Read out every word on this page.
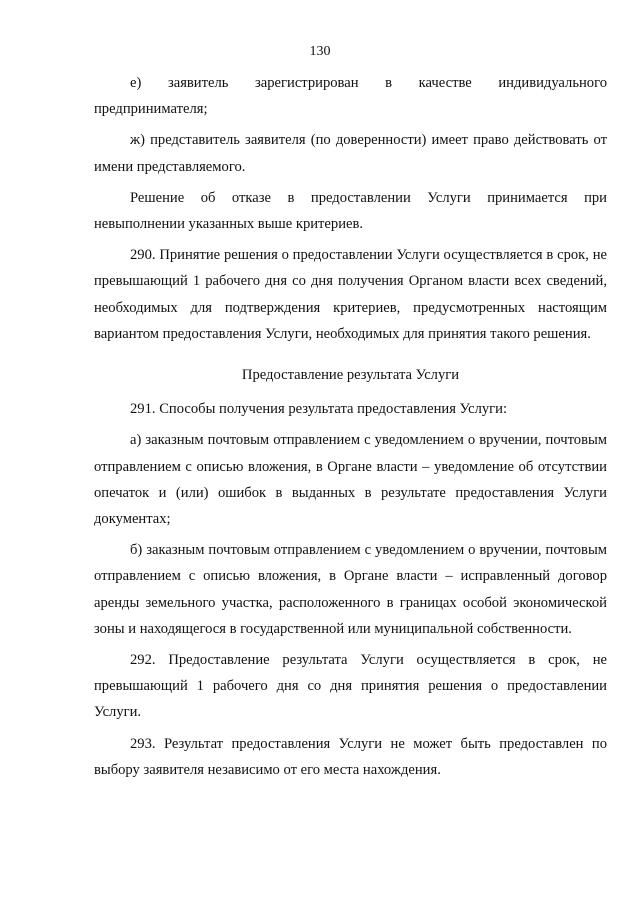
130

е) заявитель зарегистрирован в качестве индивидуального предпринимателя;

ж) представитель заявителя (по доверенности) имеет право действовать от имени представляемого.

Решение об отказе в предоставлении Услуги принимается при невыполнении указанных выше критериев.

290. Принятие решения о предоставлении Услуги осуществляется в срок, не превышающий 1 рабочего дня со дня получения Органом власти всех сведений, необходимых для подтверждения критериев, предусмотренных настоящим вариантом предоставления Услуги, необходимых для принятия такого решения.

Предоставление результата Услуги

291. Способы получения результата предоставления Услуги:

а) заказным почтовым отправлением с уведомлением о вручении, почтовым отправлением с описью вложения, в Органе власти – уведомление об отсутствии опечаток и (или) ошибок в выданных в результате предоставления Услуги документах;

б) заказным почтовым отправлением с уведомлением о вручении, почтовым отправлением с описью вложения, в Органе власти – исправленный договор аренды земельного участка, расположенного в границах особой экономической зоны и находящегося в государственной или муниципальной собственности.

292. Предоставление результата Услуги осуществляется в срок, не превышающий 1 рабочего дня со дня принятия решения о предоставлении Услуги.

293. Результат предоставления Услуги не может быть предоставлен по выбору заявителя независимо от его места нахождения.
